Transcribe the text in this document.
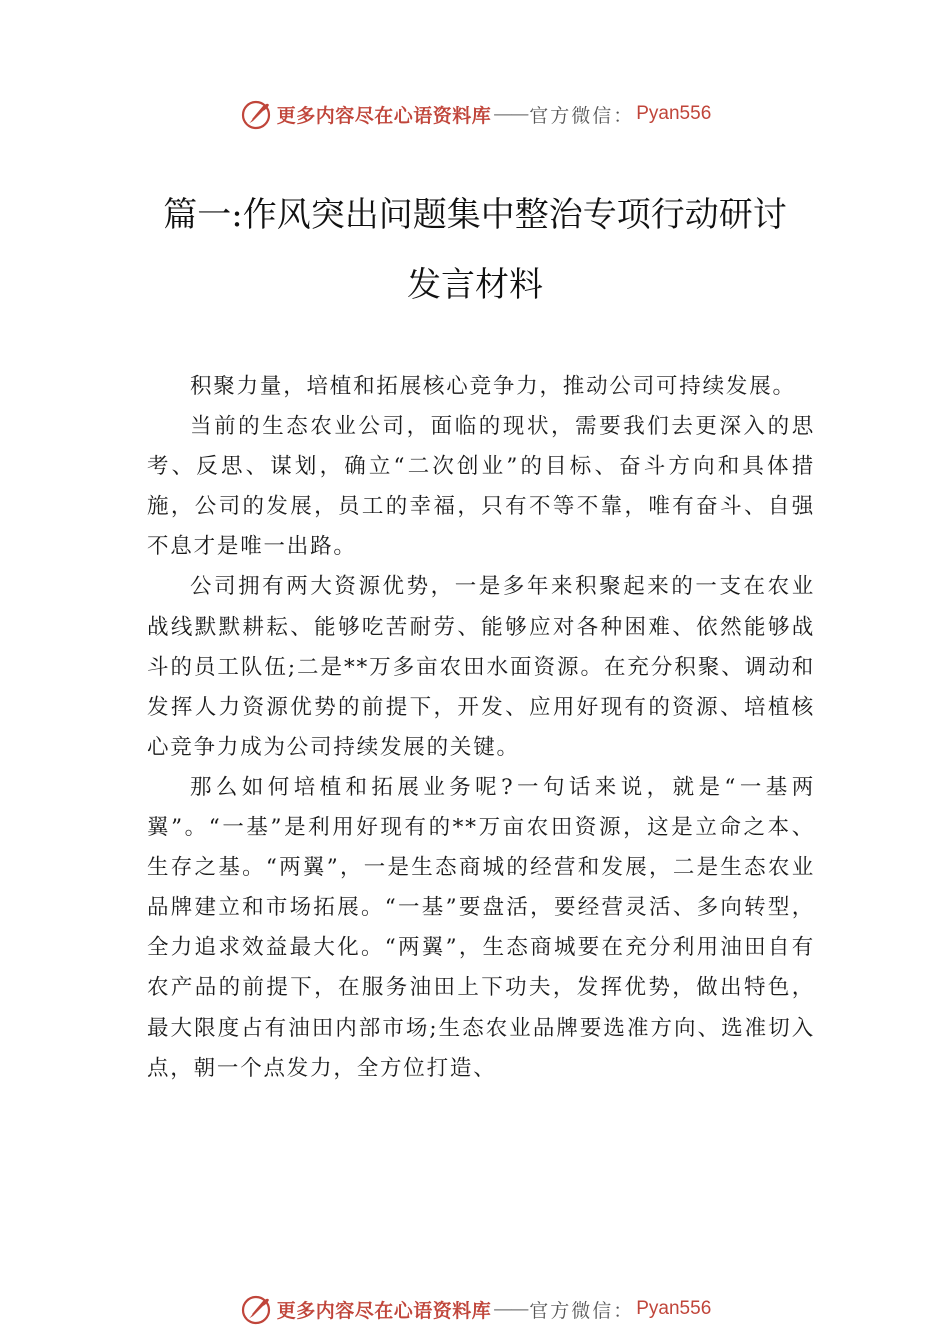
更多内容尽在心语资料库 —— 官方微信： Pyan556
篇一:作风突出问题集中整治专项行动研讨
发言材料

积聚力量，培植和拓展核心竞争力，推动公司可持续发展。

当前的生态农业公司，面临的现状，需要我们去更深入的思考、反思、谋划，确立“二次创业”的目标、奋斗方向和具体措施，公司的发展，员工的幸福，只有不等不靠，唯有奋斗、自强不息才是唯一出路。

公司拥有两大资源优势，一是多年来积聚起来的一支在农业战线默默耕耘、能够吃苦耐劳、能够应对各种困难、依然能够战斗的员工队伍;二是**万多亩农田水面资源。在充分积聚、调动和发挥人力资源优势的前提下，开发、应用好现有的资源、培植核心竞争力成为公司持续发展的关键。

那么如何培植和拓展业务呢?一句话来说，就是“一基两翼”。“一基”是利用好现有的**万亩农田资源，这是立命之本、生存之基。“两翼”，一是生态商城的经营和发展，二是生态农业品牌建立和市场拓展。“一基”要盘活，要经营灵活、多向转型，全力追求效益最大化。“两翼”，生态商城要在充分利用油田自有农产品的前提下，在服务油田上下功夫，发挥优势，做出特色，最大限度占有油田内部市场;生态农业品牌要选准方向、选准切入点，朝一个点发力，全方位打造、

更多内容尽在心语资料库 —— 官方微信： Pyan556
